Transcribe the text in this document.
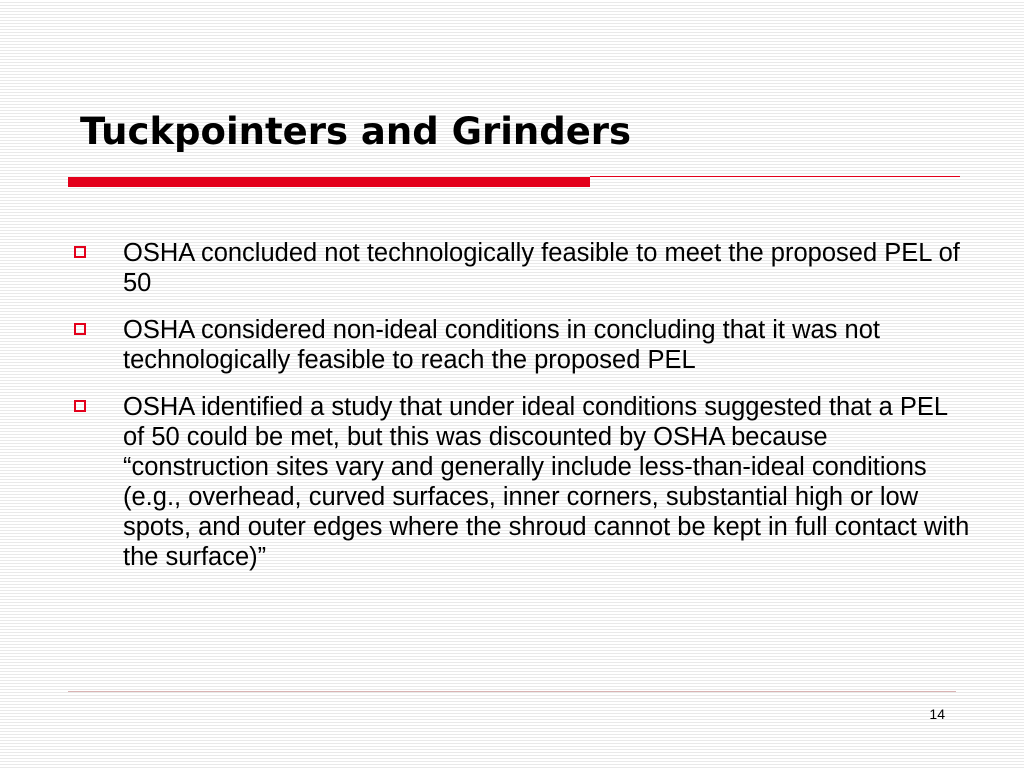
Tuckpointers and Grinders
OSHA concluded not technologically feasible to meet the proposed PEL of 50
OSHA considered non-ideal conditions in concluding that it was not technologically feasible to reach the proposed PEL
OSHA identified a study that under ideal conditions suggested that a PEL of 50 could be met, but this was discounted by OSHA because “construction sites vary and generally include less-than-ideal conditions (e.g., overhead, curved surfaces, inner corners, substantial high or low spots, and outer edges where the shroud cannot be kept in full contact with the surface)”
14
